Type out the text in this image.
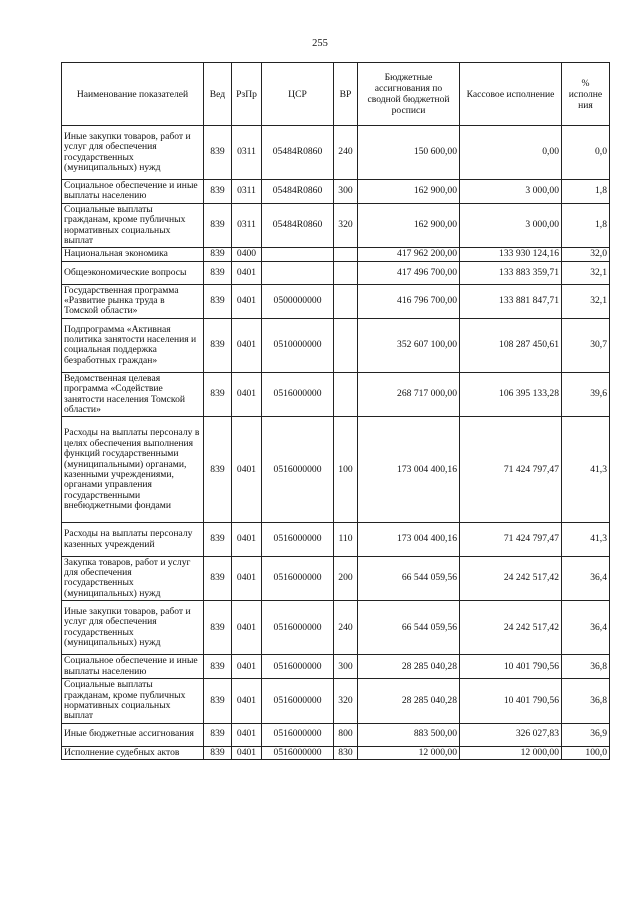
255
Наименование показателей	Вед	РзПр	ЦСР	ВР	Бюджетные ассигнования по сводной бюджетной росписи	Кассовое исполнение	% исполне ния
Иные закупки товаров, работ и услуг для обеспечения государственных (муниципальных) нужд	839	0311	05484R0860	240	150 600,00	0,00	0,0
Социальное обеспечение и иные выплаты населению	839	0311	05484R0860	300	162 900,00	3 000,00	1,8
Социальные выплаты гражданам, кроме публичных нормативных социальных выплат	839	0311	05484R0860	320	162 900,00	3 000,00	1,8
Национальная экономика	839	0400			417 962 200,00	133 930 124,16	32,0
Общеэкономические вопросы	839	0401			417 496 700,00	133 883 359,71	32,1
Государственная программа «Развитие рынка труда в Томской области»	839	0401	0500000000		416 796 700,00	133 881 847,71	32,1
Подпрограмма «Активная политика занятости населения и социальная поддержка безработных граждан»	839	0401	0510000000		352 607 100,00	108 287 450,61	30,7
Ведомственная целевая программа «Содействие занятости населения Томской области»	839	0401	0516000000		268 717 000,00	106 395 133,28	39,6
Расходы на выплаты персоналу в целях обеспечения выполнения функций государственными (муниципальными) органами, казенными учреждениями, органами управления государственными внебюджетными фондами	839	0401	0516000000	100	173 004 400,16	71 424 797,47	41,3
Расходы на выплаты персоналу казенных учреждений	839	0401	0516000000	110	173 004 400,16	71 424 797,47	41,3
Закупка товаров, работ и услуг для обеспечения государственных (муниципальных) нужд	839	0401	0516000000	200	66 544 059,56	24 242 517,42	36,4
Иные закупки товаров, работ и услуг для обеспечения государственных (муниципальных) нужд	839	0401	0516000000	240	66 544 059,56	24 242 517,42	36,4
Социальное обеспечение и иные выплаты населению	839	0401	0516000000	300	28 285 040,28	10 401 790,56	36,8
Социальные выплаты гражданам, кроме публичных нормативных социальных выплат	839	0401	0516000000	320	28 285 040,28	10 401 790,56	36,8
Иные бюджетные ассигнования	839	0401	0516000000	800	883 500,00	326 027,83	36,9
Исполнение судебных актов	839	0401	0516000000	830	12 000,00	12 000,00	100,0
